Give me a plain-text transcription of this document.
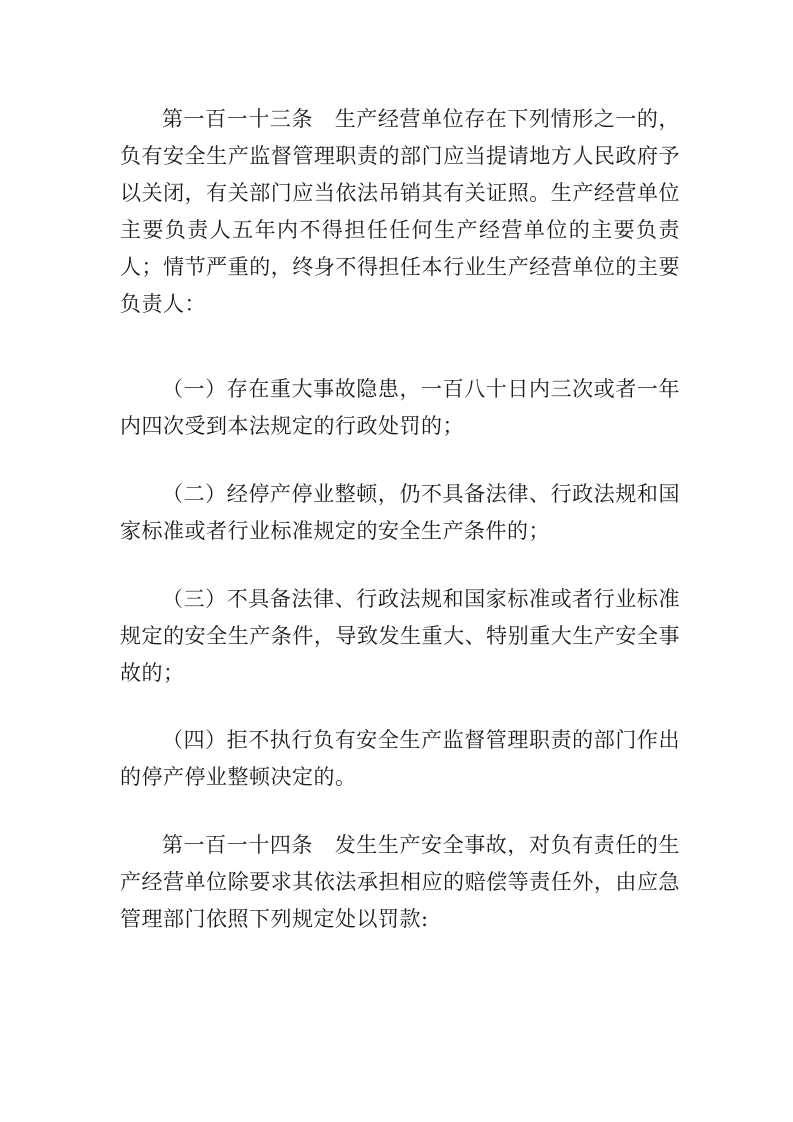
第一百一十三条　生产经营单位存在下列情形之一的，负有安全生产监督管理职责的部门应当提请地方人民政府予以关闭，有关部门应当依法吊销其有关证照。生产经营单位主要负责人五年内不得担任任何生产经营单位的主要负责人；情节严重的，终身不得担任本行业生产经营单位的主要负责人：

（一）存在重大事故隐患，一百八十日内三次或者一年内四次受到本法规定的行政处罚的；

（二）经停产停业整顿，仍不具备法律、行政法规和国家标准或者行业标准规定的安全生产条件的；

（三）不具备法律、行政法规和国家标准或者行业标准规定的安全生产条件，导致发生重大、特别重大生产安全事故的；

（四）拒不执行负有安全生产监督管理职责的部门作出的停产停业整顿决定的。

第一百一十四条　发生生产安全事故，对负有责任的生产经营单位除要求其依法承担相应的赔偿等责任外，由应急管理部门依照下列规定处以罚款:
